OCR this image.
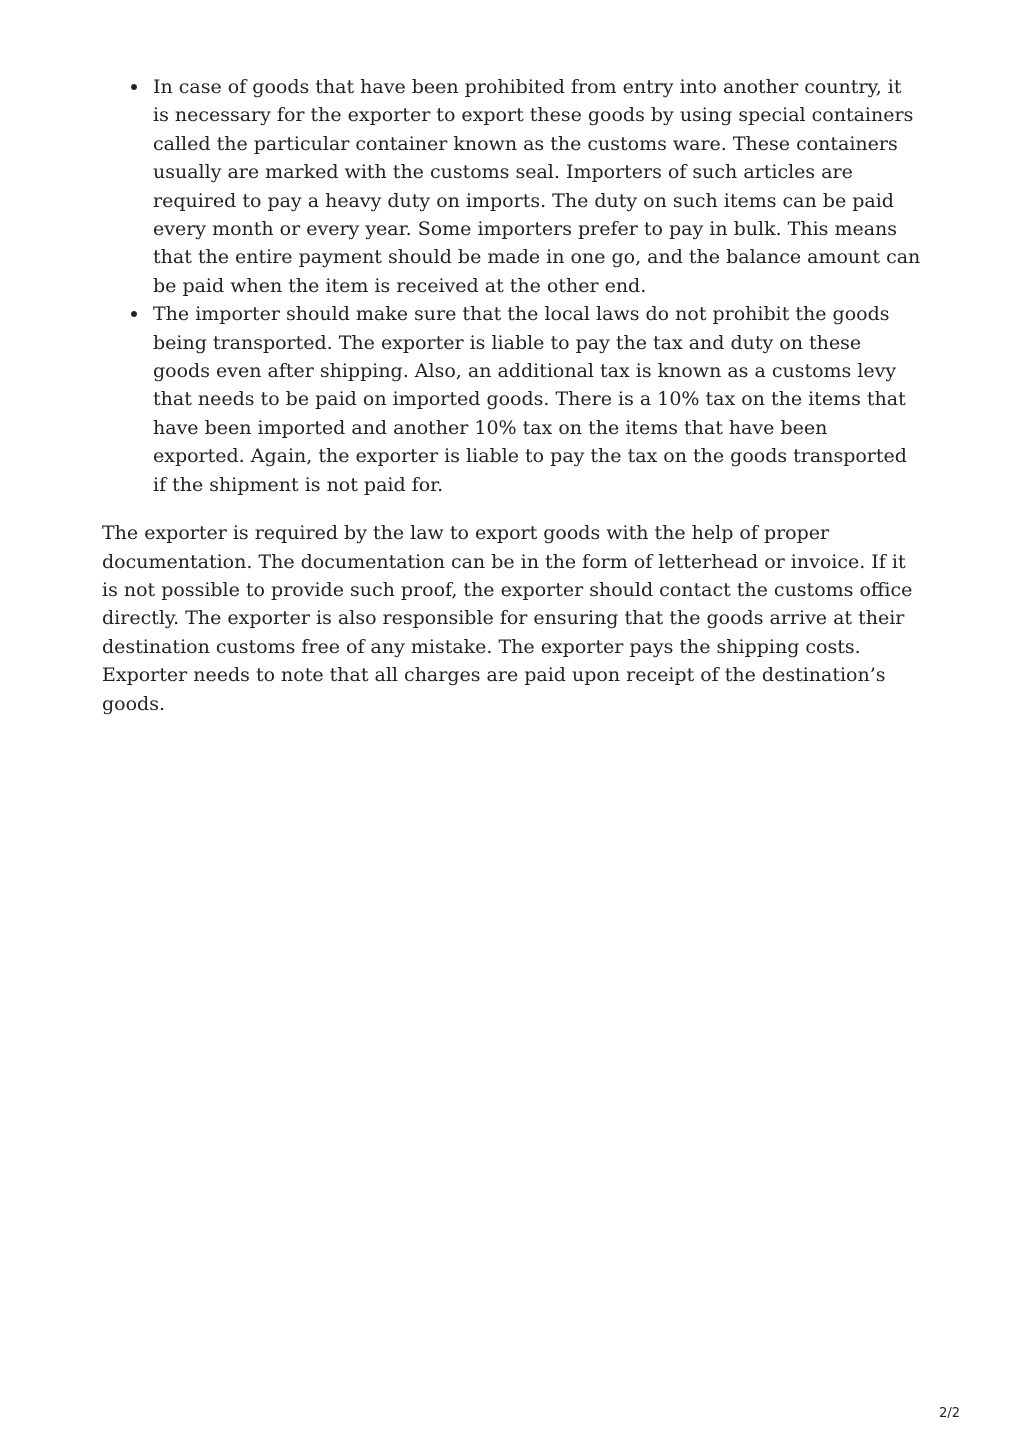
In case of goods that have been prohibited from entry into another country, it is necessary for the exporter to export these goods by using special containers called the particular container known as the customs ware. These containers usually are marked with the customs seal. Importers of such articles are required to pay a heavy duty on imports. The duty on such items can be paid every month or every year. Some importers prefer to pay in bulk. This means that the entire payment should be made in one go, and the balance amount can be paid when the item is received at the other end.
The importer should make sure that the local laws do not prohibit the goods being transported. The exporter is liable to pay the tax and duty on these goods even after shipping. Also, an additional tax is known as a customs levy that needs to be paid on imported goods. There is a 10% tax on the items that have been imported and another 10% tax on the items that have been exported. Again, the exporter is liable to pay the tax on the goods transported if the shipment is not paid for.

The exporter is required by the law to export goods with the help of proper documentation. The documentation can be in the form of letterhead or invoice. If it is not possible to provide such proof, the exporter should contact the customs office directly. The exporter is also responsible for ensuring that the goods arrive at their destination customs free of any mistake. The exporter pays the shipping costs. Exporter needs to note that all charges are paid upon receipt of the destination’s goods.

2/2
